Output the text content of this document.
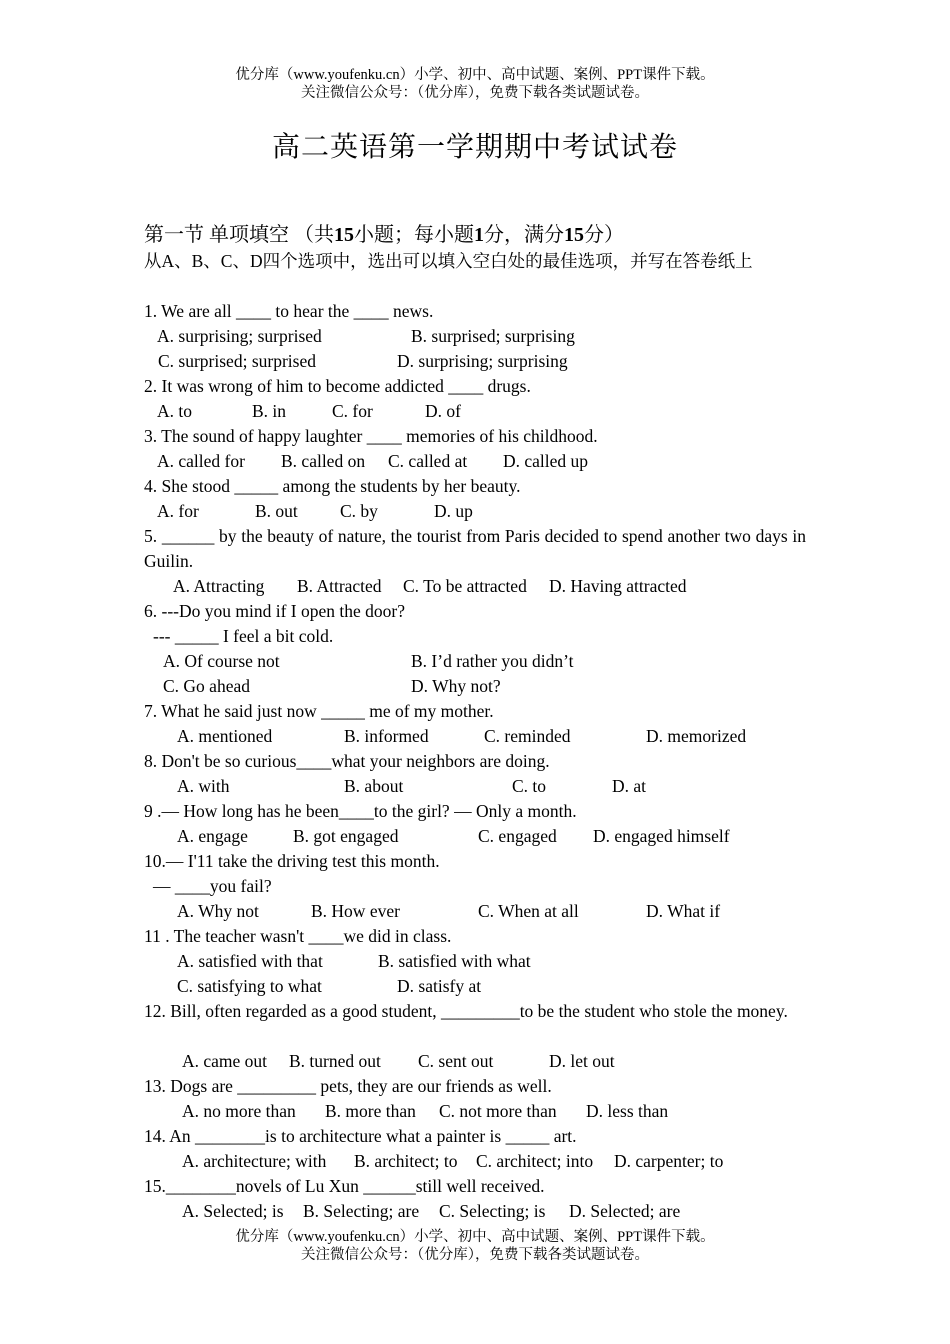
优分库（www.youfenku.cn）小学、初中、高中试题、案例、PPT课件下载。
关注微信公众号：（优分库），免费下载各类试题试卷。
高二英语第一学期期中考试试卷
第一节 单项填空 （共15小题；每小题1分，满分15分）
从A、B、C、D四个选项中，选出可以填入空白处的最佳选项，并写在答卷纸上
1. We are all ____ to hear the ____ news.
A. surprising; surprised	B. surprised; surprising
C. surprised; surprised	D. surprising; surprising
2. It was wrong of him to become addicted ____ drugs.
A. to	B. in	C. for	D. of
3. The sound of happy laughter ____ memories of his childhood.
A. called for B. called on C. called at D. called up
4. She stood _____ among the students by her beauty.
A. for	B. out C. by	D. up
5. ______ by the beauty of nature, the tourist from Paris decided to spend another two days in Guilin.
A. Attracting B. Attracted C. To be attracted D. Having attracted
6. ---Do you mind if I open the door?
--- _____ I feel a bit cold.
A. Of course not	B. I’d rather you didn’t
C. Go ahead	D. Why not?
7. What he said just now _____ me of my mother.
A. mentioned	B. informed	C. reminded	D. memorized
8. Don't be so curious____what your neighbors are doing.
A. with	B. about	C. to	D. at
9 .— How long has he been____to the girl? — Only a month.
A. engage	B. got engaged	C. engaged D. engaged himself
10.— I'11 take the driving test this month.
— ____you fail?
A. Why not	B. How ever	C. When at all	D. What if
11 . The teacher wasn't ____we did in class.
A. satisfied with that	B. satisfied with what
C. satisfying to what	D. satisfy at
12. Bill, often regarded as a good student, _________to be the student who stole the money.
A. came out B. turned out C. sent out	D. let out
13. Dogs are _________ pets, they are our friends as well.
A. no more than B. more than C. not more than D. less than
14. An ________is to architecture what a painter is _____ art.
A. architecture; with B. architect; to C. architect; into D. carpenter; to
15.________novels of Lu Xun ______still well received.
A. Selected; is B. Selecting; are C. Selecting; is D. Selected; are
优分库（www.youfenku.cn）小学、初中、高中试题、案例、PPT课件下载。
关注微信公众号：（优分库），免费下载各类试题试卷。
